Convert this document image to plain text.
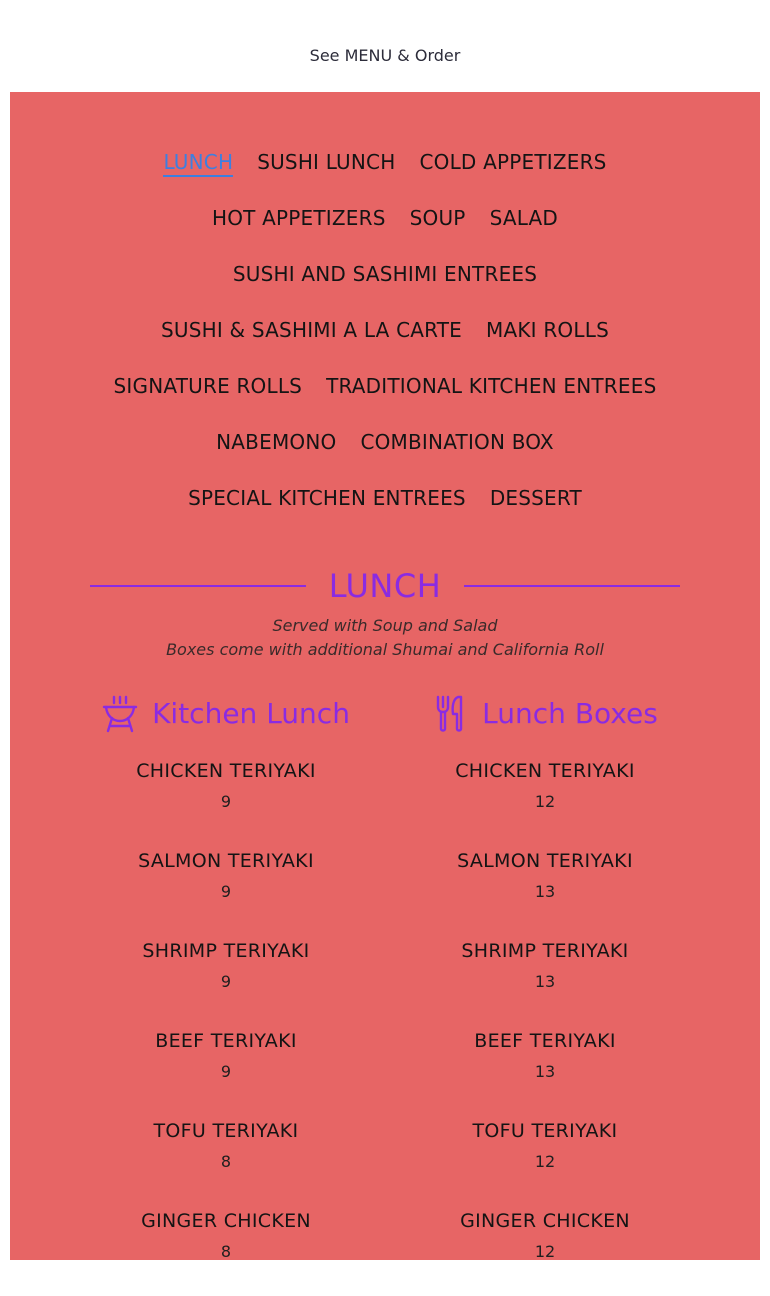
See MENU & Order
LUNCH SUSHI LUNCH COLD APPETIZERS
HOT APPETIZERS SOUP SALAD
SUSHI AND SASHIMI ENTREES
SUSHI & SASHIMI A LA CARTE MAKI ROLLS
SIGNATURE ROLLS TRADITIONAL KITCHEN ENTREES
NABEMONO COMBINATION BOX
SPECIAL KITCHEN ENTREES DESSERT
LUNCH
Served with Soup and Salad
Boxes come with additional Shumai and California Roll
Kitchen Lunch
CHICKEN TERIYAKI
9
SALMON TERIYAKI
9
SHRIMP TERIYAKI
9
BEEF TERIYAKI
9
TOFU TERIYAKI
8
GINGER CHICKEN
8
Lunch Boxes
CHICKEN TERIYAKI
12
SALMON TERIYAKI
13
SHRIMP TERIYAKI
13
BEEF TERIYAKI
13
TOFU TERIYAKI
12
GINGER CHICKEN
12
